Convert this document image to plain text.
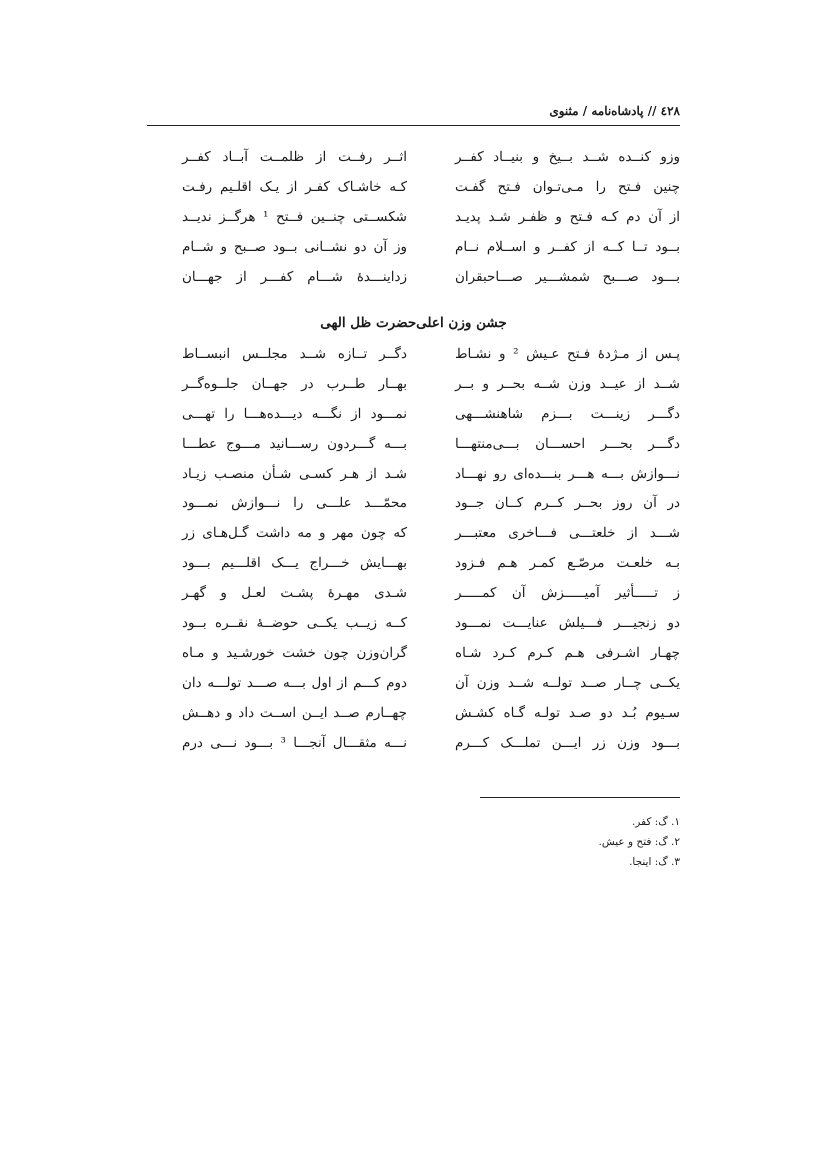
٤٢٨ // پادشاه‌نامه / مثنوی
وزو کنــده شــد بــیخ و بنیــاد کفــر
اثــر رفــت از ظلمــت آبــاد کفــر
چنین فـتح را مـی‌تـوان فـتح گفـت
کـه خاشـاک کفـر از یـک اقلـیم رفـت
از آن دم کـه فـتح و ظفـر شـد پدیـد
شکســتی چنــین فــتح ¹ هرگــز ندیــد
بــود تــا کــه از کفــر و اســلام نــام
وز آن دو نشــانی بــود صــبح و شــام
بـــود صـــبح شمشـــیر صـــاحبقران
زداینـــدهٔ شـــام کفـــر از جهـــان
جشن وزن اعلی‌حضرت ظل الهی
پـس از مـژدهٔ فـتح عـیش ² و نشـاط
دگــر تــازه شــد مجلــس انبســاط
شــد از عیــد وزن شــه بحــر و بــر
بهــار طــرب در جهــان جلــوه‌گــر
دگـــر زینـــت بـــزم شاهنشـــهی
نمـــود از نگـــه دیـــده‌هـــا را تهـــی
دگـــر بحـــر احســـان بـــی‌منتهـــا
بـــه گـــردون رســـانید مـــوج عطـــا
نـــوازش بـــه هـــر بنـــده‌ای رو نهـــاد
شـد از هـر کسـی شـأن منصـب زیـاد
در آن روز بحــر کــرم کــان جــود
محمّـــد علـــی را نـــوازش نمـــود
شـــد از خلعتـــی فـــاخری معتبـــر
که چون مهر و مه داشت گـل‌هـای زر
بـه خلعـت مرصّـع کمـر هـم فـزود
بهـــایش خـــراج یـــک اقلـــیم بـــود
ز تـــــأثیر آمیـــــزش آن کمـــــر
شـدی مهـرهٔ پشـت لعـل و گهـر
دو زنجیـــر فـــیلش عنایـــت نمـــود
کــه زیــب یکــی حوضــهٔ نقــره بــود
چهـار اشـرفی هـم کـرم کـرد شـاه
گران‌وزن چون خشت خورشـید و مـاه
یکــی چــار صــد تولــه شــد وزن آن
دوم کـــم از اول بـــه صـــد تولـــه دان
سـیوم بُـد دو صـد تولـه گـاه کشـش
چهــارم صــد ایــن اســت داد و دهــش
بـــود وزن زر ایـــن تملـــک کـــرم
نـــه مثقـــال آنجـــا ³ بـــود نـــی درم
١. گ: کفر.
٢. گ: فتح و عیش.
٣. گ: اینجا.
